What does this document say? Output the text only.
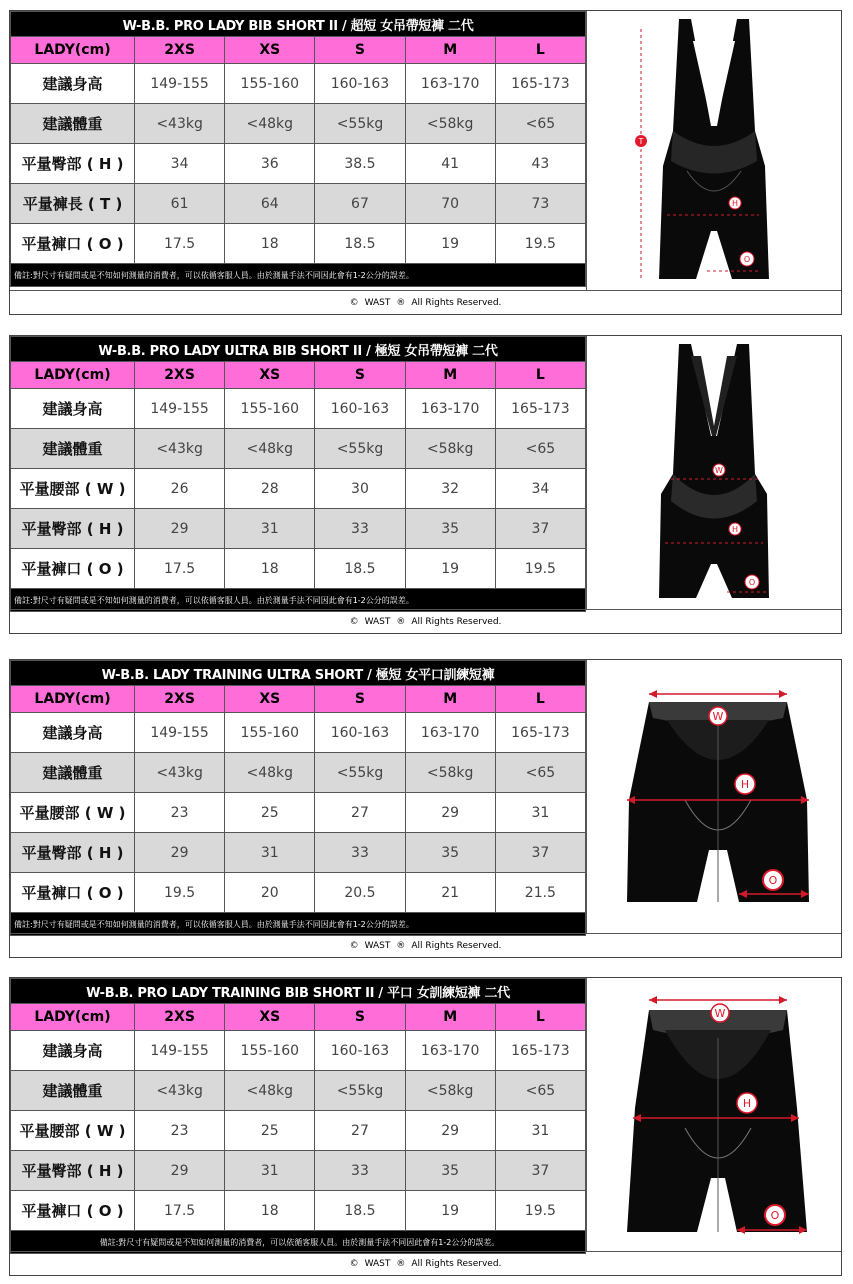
W-B.B. PRO LADY BIB SHORT II / 超短 女吊帶短褲 二代					
LADY(cm)	2XS	XS	S	M	L
建議身高	149-155	155-160	160-163	163-170	165-173
建議體重	<43kg	<48kg	<55kg	<58kg	<65
平量臀部 ( H )	34	36	38.5	41	43
平量褲長 ( T )	61	64	67	70	73
平量褲口 ( O )	17.5	18	18.5	19	19.5
備註:對尺寸有疑問或是不知如何測量的消費者，可以依循客服人員。由於測量手法不同因此會有1-2公分的誤差。					
T
H
O
© WAST ® All Rights Reserved.
W-B.B. PRO LADY ULTRA BIB SHORT II / 極短 女吊帶短褲 二代					
LADY(cm)	2XS	XS	S	M	L
建議身高	149-155	155-160	160-163	163-170	165-173
建議體重	<43kg	<48kg	<55kg	<58kg	<65
平量腰部 ( W )	26	28	30	32	34
平量臀部 ( H )	29	31	33	35	37
平量褲口 ( O )	17.5	18	18.5	19	19.5
備註:對尺寸有疑問或是不知如何測量的消費者，可以依循客服人員。由於測量手法不同因此會有1-2公分的誤差。					
W
H
O
© WAST ® All Rights Reserved.
W-B.B. LADY TRAINING ULTRA SHORT / 極短 女平口訓練短褲					
LADY(cm)	2XS	XS	S	M	L
建議身高	149-155	155-160	160-163	163-170	165-173
建議體重	<43kg	<48kg	<55kg	<58kg	<65
平量腰部 ( W )	23	25	27	29	31
平量臀部 ( H )	29	31	33	35	37
平量褲口 ( O )	19.5	20	20.5	21	21.5
備註:對尺寸有疑問或是不知如何測量的消費者，可以依循客服人員。由於測量手法不同因此會有1-2公分的誤差。					
W
H
O
© WAST ® All Rights Reserved.
W-B.B. PRO LADY TRAINING BIB SHORT II / 平口 女訓練短褲 二代					
LADY(cm)	2XS	XS	S	M	L
建議身高	149-155	155-160	160-163	163-170	165-173
建議體重	<43kg	<48kg	<55kg	<58kg	<65
平量腰部 ( W )	23	25	27	29	31
平量臀部 ( H )	29	31	33	35	37
平量褲口 ( O )	17.5	18	18.5	19	19.5
備註:對尺寸有疑問或是不知如何測量的消費者，可以依循客服人員。由於測量手法不同因此會有1-2公分的誤差。					
W
H
O
© WAST ® All Rights Reserved.
